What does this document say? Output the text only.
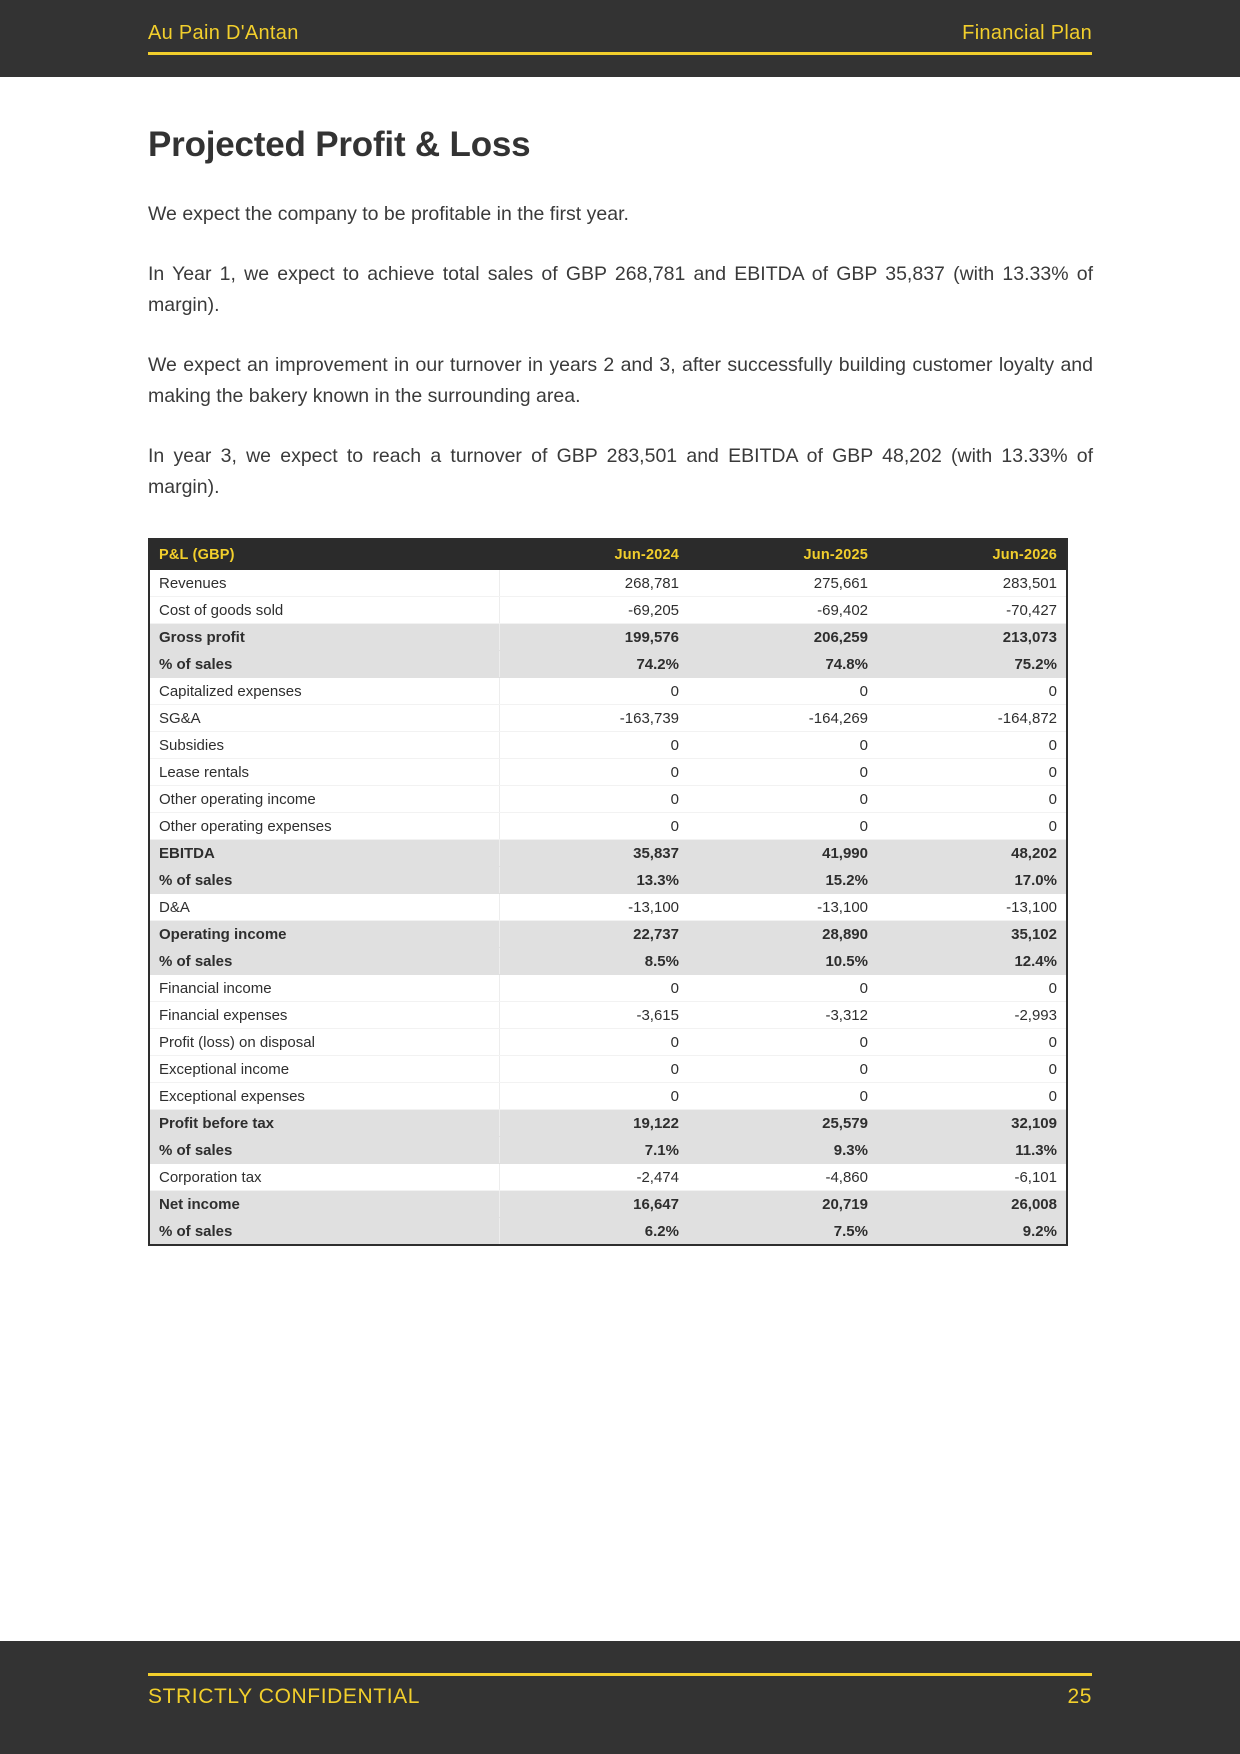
Au Pain D'Antan	Financial Plan
Projected Profit & Loss

We expect the company to be profitable in the first year.

In Year 1, we expect to achieve total sales of GBP 268,781 and EBITDA of GBP 35,837 (with 13.33% of margin).

We expect an improvement in our turnover in years 2 and 3, after successfully building customer loyalty and making the bakery known in the surrounding area.

In year 3, we expect to reach a turnover of GBP 283,501 and EBITDA of GBP 48,202 (with 13.33% of margin).

P&L (GBP)	Jun-2024	Jun-2025	Jun-2026
Revenues	268,781	275,661	283,501
Cost of goods sold	-69,205	-69,402	-70,427
Gross profit	199,576	206,259	213,073
% of sales	74.2%	74.8%	75.2%
Capitalized expenses	0	0	0
SG&A	-163,739	-164,269	-164,872
Subsidies	0	0	0
Lease rentals	0	0	0
Other operating income	0	0	0
Other operating expenses	0	0	0
EBITDA	35,837	41,990	48,202
% of sales	13.3%	15.2%	17.0%
D&A	-13,100	-13,100	-13,100
Operating income	22,737	28,890	35,102
% of sales	8.5%	10.5%	12.4%
Financial income	0	0	0
Financial expenses	-3,615	-3,312	-2,993
Profit (loss) on disposal	0	0	0
Exceptional income	0	0	0
Exceptional expenses	0	0	0
Profit before tax	19,122	25,579	32,109
% of sales	7.1%	9.3%	11.3%
Corporation tax	-2,474	-4,860	-6,101
Net income	16,647	20,719	26,008
% of sales	6.2%	7.5%	9.2%
STRICTLY CONFIDENTIAL	25
